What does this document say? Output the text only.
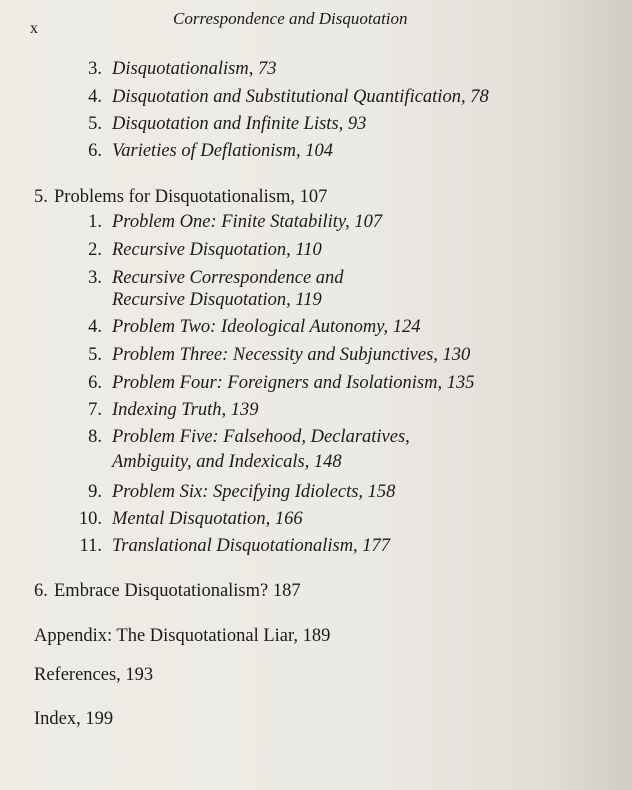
x
Correspondence and Disquotation
3. Disquotationalism, 73
4. Disquotation and Substitutional Quantification, 78
5. Disquotation and Infinite Lists, 93
6. Varieties of Deflationism, 104
5. Problems for Disquotationalism, 107
1. Problem One: Finite Statability, 107
2. Recursive Disquotation, 110
3. Recursive Correspondence and
Recursive Disquotation, 119
4. Problem Two: Ideological Autonomy, 124
5. Problem Three: Necessity and Subjunctives, 130
6. Problem Four: Foreigners and Isolationism, 135
7. Indexing Truth, 139
8. Problem Five: Falsehood, Declaratives,
Ambiguity, and Indexicals, 148
9. Problem Six: Specifying Idiolects, 158
10. Mental Disquotation, 166
11. Translational Disquotationalism, 177
6. Embrace Disquotationalism? 187
Appendix: The Disquotational Liar, 189
References, 193
Index, 199
